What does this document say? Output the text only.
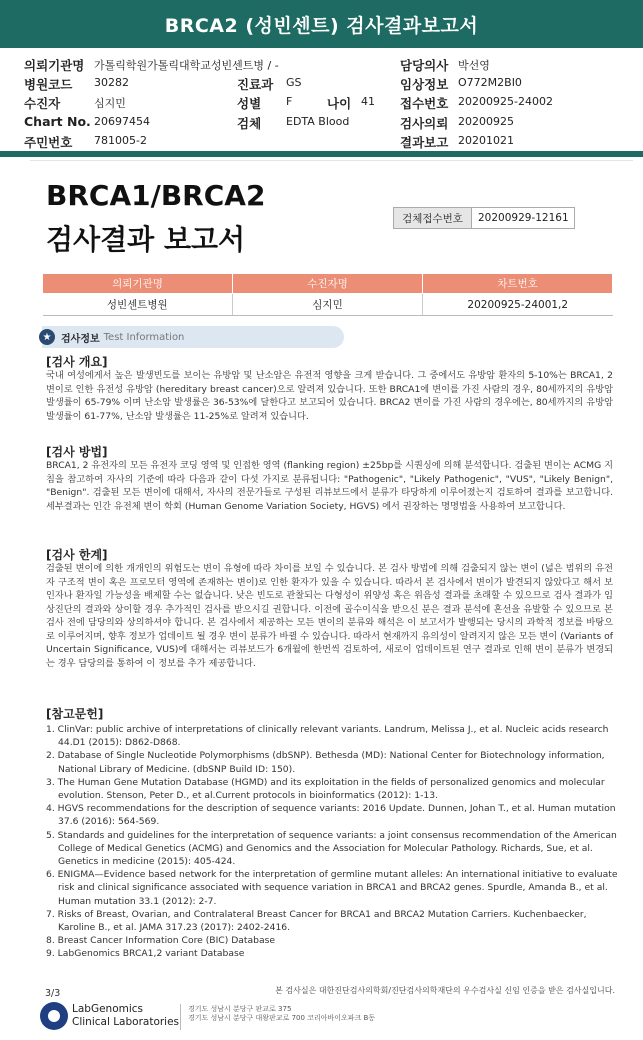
BRCA2 (성빈센트) 검사결과보고서
의뢰기관명 가톨릭학원가톨릭대학교성빈센트병 / -	담당의사 박선영
병원코드 30282	진료과 GS	임상정보 O772M2BI0
수진자	심지민	성별 F	나이 41 접수번호 20200925-24002
Chart No. 20697454	검체 EDTA Blood	검사의뢰 20200925
주민번호 781005-2	결과보고 20201021
BRCA1/BRCA2
검사결과 보고서
검체접수번호	20200929-12161
의뢰기관명	수진자명	차트번호
성빈센트병원	심지민	20200925-24001,2
★ 검사정보 Test Information
[검사 개요]
국내 여성에게서 높은 발생빈도를 보이는 유방암 및 난소암은 유전적 영향을 크게 받습니다. 그 중에서도 유방암 환자의 5-10%는 BRCA1, 2 변이로 인한 유전성 유방암 (hereditary breast cancer)으로 알려져 있습니다. 또한 BRCA1에 변이를 가진 사람의 경우, 80세까지의 유방암 발생률이 65-79% 이며 난소암 발생률은 36-53%에 달한다고 보고되어 있습니다. BRCA2 변이를 가진 사람의 경우에는, 80세까지의 유방암 발생률이 61-77%, 난소암 발생률은 11-25%로 알려져 있습니다.
[검사 방법]
BRCA1, 2 유전자의 모든 유전자 코딩 영역 및 인접한 영역 (flanking region) ±25bp를 시퀀싱에 의해 분석합니다. 검출된 변이는 ACMG 지침을 참고하여 자사의 기준에 따라 다음과 같이 다섯 가지로 분류됩니다: "Pathogenic", "Likely Pathogenic", "VUS", "Likely Benign", "Benign". 검출된 모든 변이에 대해서, 자사의 전문가들로 구성된 리뷰보드에서 분류가 타당하게 이루어졌는지 검토하여 결과를 보고합니다. 세부결과는 인간 유전체 변이 학회 (Human Genome Variation Society, HGVS) 에서 권장하는 명명법을 사용하여 보고합니다.
[검사 한계]
검출된 변이에 의한 개개인의 위험도는 변이 유형에 따라 차이를 보일 수 있습니다. 본 검사 방법에 의해 검출되지 않는 변이 (넓은 범위의 유전자 구조적 변이 혹은 프로모터 영역에 존재하는 변이)로 인한 환자가 있을 수 있습니다. 따라서 본 검사에서 변이가 발견되지 않았다고 해서 보인자나 환자일 가능성을 배제할 수는 없습니다. 낮은 빈도로 관찰되는 다형성이 위양성 혹은 위음성 결과를 초래할 수 있으므로 검사 결과가 임상진단의 결과와 상이할 경우 추가적인 검사를 받으시길 권합니다. 이전에 골수이식을 받으신 분은 결과 분석에 혼선을 유발할 수 있으므로 본 검사 전에 담당의와 상의하셔야 합니다. 본 검사에서 제공하는 모든 변이의 분류와 해석은 이 보고서가 발행되는 당시의 과학적 정보를 바탕으로 이루어지며, 향후 정보가 업데이트 될 경우 변이 분류가 바뀔 수 있습니다. 따라서 현재까지 유의성이 알려지지 않은 모든 변이 (Variants of Uncertain Significance, VUS)에 대해서는 리뷰보드가 6개월에 한번씩 검토하여, 새로이 업데이트된 연구 결과로 인해 변이 분류가 변경되는 경우 담당의를 통하여 이 정보를 추가 제공합니다.
[참고문헌]
1. ClinVar: public archive of interpretations of clinically relevant variants. Landrum, Melissa J., et al. Nucleic acids research 44.D1 (2015): D862-D868.
2. Database of Single Nucleotide Polymorphisms (dbSNP). Bethesda (MD): National Center for Biotechnology information, National Library of Medicine. (dbSNP Build ID: 150).
3. The Human Gene Mutation Database (HGMD) and its exploitation in the fields of personalized genomics and molecular evolution. Stenson, Peter D., et al.Current protocols in bioinformatics (2012): 1-13.
4. HGVS recommendations for the description of sequence variants: 2016 Update. Dunnen, Johan T., et al. Human mutation 37.6 (2016): 564-569.
5. Standards and guidelines for the interpretation of sequence variants: a joint consensus recommendation of the American College of Medical Genetics (ACMG) and Genomics and the Association for Molecular Pathology. Richards, Sue, et al. Genetics in medicine (2015): 405-424.
6. ENIGMA—Evidence based network for the interpretation of germline mutant alleles: An international initiative to evaluate risk and clinical significance associated with sequence variation in BRCA1 and BRCA2 genes. Spurdle, Amanda B., et al. Human mutation 33.1 (2012): 2-7.
7. Risks of Breast, Ovarian, and Contralateral Breast Cancer for BRCA1 and BRCA2 Mutation Carriers. Kuchenbaecker, Karoline B., et al. JAMA 317.23 (2017): 2402-2416.
8. Breast Cancer Information Core (BIC) Database
9. LabGenomics BRCA1,2 variant Database
본 검사실은 대한진단검사의학회/진단검사의학재단의 우수검사실 신임 인증을 받은 검사실입니다.
3/3
LabGenomics
Clinical Laboratories
경기도 성남시 분당구 판교로 375
경기도 성남시 분당구 대왕판교로 700 코리아바이오파크 B동
